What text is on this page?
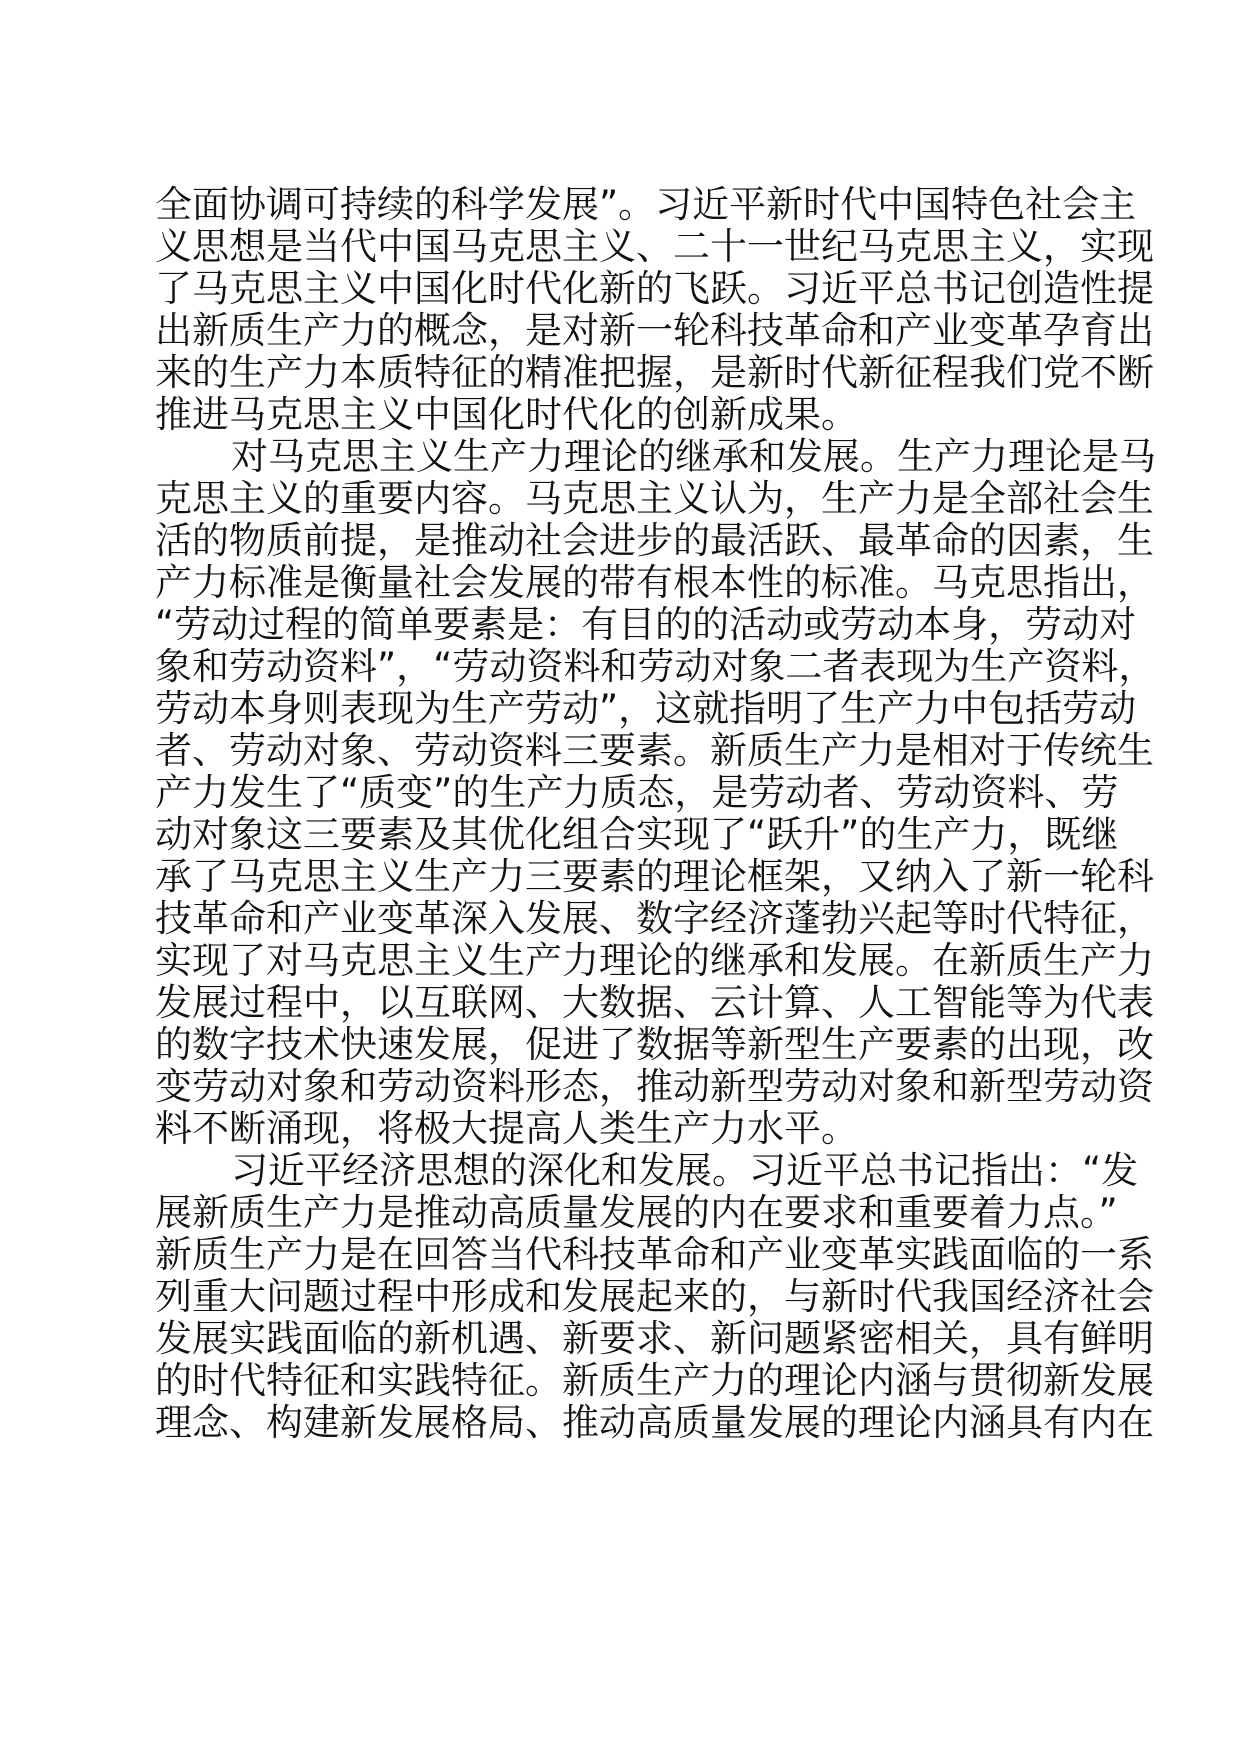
全面协调可持续的科学发展”。习近平新时代中国特色社会主
义思想是当代中国马克思主义、二十一世纪马克思主义，实现
了马克思主义中国化时代化新的飞跃。习近平总书记创造性提
出新质生产力的概念，是对新一轮科技革命和产业变革孕育出
来的生产力本质特征的精准把握，是新时代新征程我们党不断
推进马克思主义中国化时代化的创新成果。
对马克思主义生产力理论的继承和发展。生产力理论是马
克思主义的重要内容。马克思主义认为，生产力是全部社会生
活的物质前提，是推动社会进步的最活跃、最革命的因素，生
产力标准是衡量社会发展的带有根本性的标准。马克思指出，
“劳动过程的简单要素是：有目的的活动或劳动本身，劳动对
象和劳动资料”，“劳动资料和劳动对象二者表现为生产资料，
劳动本身则表现为生产劳动”，这就指明了生产力中包括劳动
者、劳动对象、劳动资料三要素。新质生产力是相对于传统生
产力发生了“质变”的生产力质态，是劳动者、劳动资料、劳
动对象这三要素及其优化组合实现了“跃升”的生产力，既继
承了马克思主义生产力三要素的理论框架，又纳入了新一轮科
技革命和产业变革深入发展、数字经济蓬勃兴起等时代特征，
实现了对马克思主义生产力理论的继承和发展。在新质生产力
发展过程中，以互联网、大数据、云计算、人工智能等为代表
的数字技术快速发展，促进了数据等新型生产要素的出现，改
变劳动对象和劳动资料形态，推动新型劳动对象和新型劳动资
料不断涌现，将极大提高人类生产力水平。
习近平经济思想的深化和发展。习近平总书记指出：“发
展新质生产力是推动高质量发展的内在要求和重要着力点。”
新质生产力是在回答当代科技革命和产业变革实践面临的一系
列重大问题过程中形成和发展起来的，与新时代我国经济社会
发展实践面临的新机遇、新要求、新问题紧密相关，具有鲜明
的时代特征和实践特征。新质生产力的理论内涵与贯彻新发展
理念、构建新发展格局、推动高质量发展的理论内涵具有内在
